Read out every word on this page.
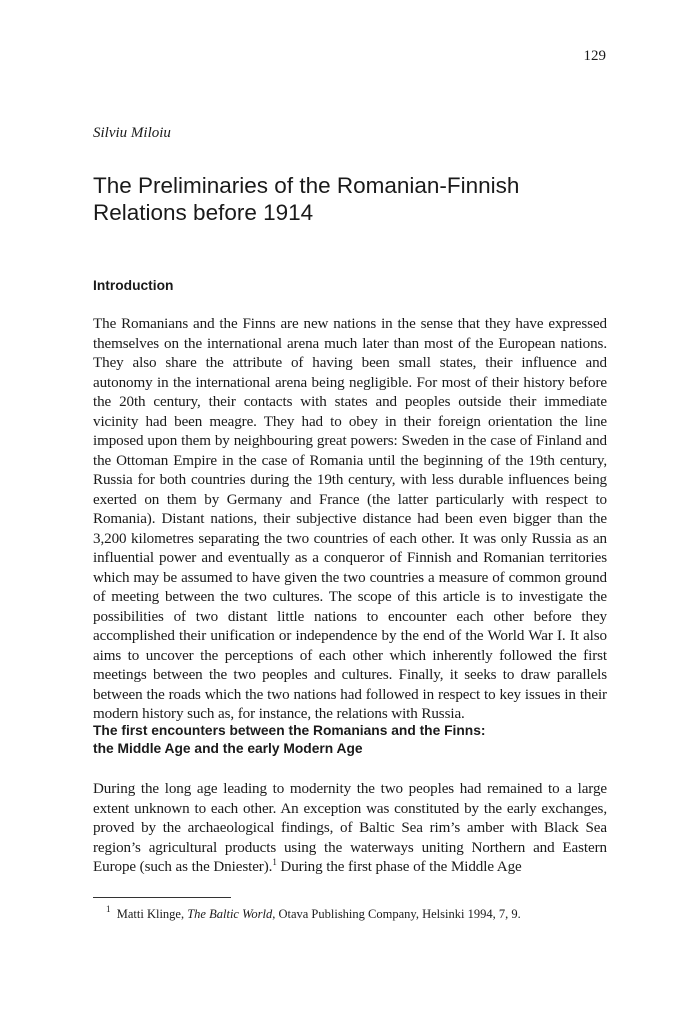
129
Silviu Miloiu
The Preliminaries of the Romanian-Finnish
Relations before 1914
Introduction

The Romanians and the Finns are new nations in the sense that they have expressed themselves on the international arena much later than most of the European nations. They also share the attribute of having been small states, their influence and autonomy in the international arena being negligible. For most of their history before the 20th century, their contacts with states and peoples outside their immediate vicinity had been meagre. They had to obey in their foreign orientation the line imposed upon them by neighbouring great powers: Sweden in the case of Finland and the Ottoman Empire in the case of Romania until the beginning of the 19th century, Russia for both countries during the 19th century, with less durable influences being exerted on them by Germany and France (the latter particularly with respect to Romania). Distant nations, their subjective distance had been even bigger than the 3,200 kilometres separating the two countries of each other. It was only Russia as an influential power and eventually as a conqueror of Finnish and Romanian territories which may be assumed to have given the two countries a measure of common ground of meeting between the two cultures. The scope of this article is to investigate the possibilities of two distant little nations to encounter each other before they accomplished their unification or independence by the end of the World War I. It also aims to uncover the perceptions of each other which inherently followed the first meetings between the two peoples and cultures. Finally, it seeks to draw parallels between the roads which the two nations had followed in respect to key issues in their modern history such as, for instance, the relations with Russia.

The first encounters between the Romanians and the Finns:
the Middle Age and the early Modern Age

During the long age leading to modernity the two peoples had remained to a large extent unknown to each other. An exception was constituted by the early exchanges, proved by the archaeological findings, of Baltic Sea rim’s amber with Black Sea region’s agricultural products using the waterways uniting Northern and Eastern Europe (such as the Dniester).$^1$ During the first phase of the Middle Age

$^1$ Matti Klinge, The Baltic World, Otava Publishing Company, Helsinki 1994, 7, 9.
